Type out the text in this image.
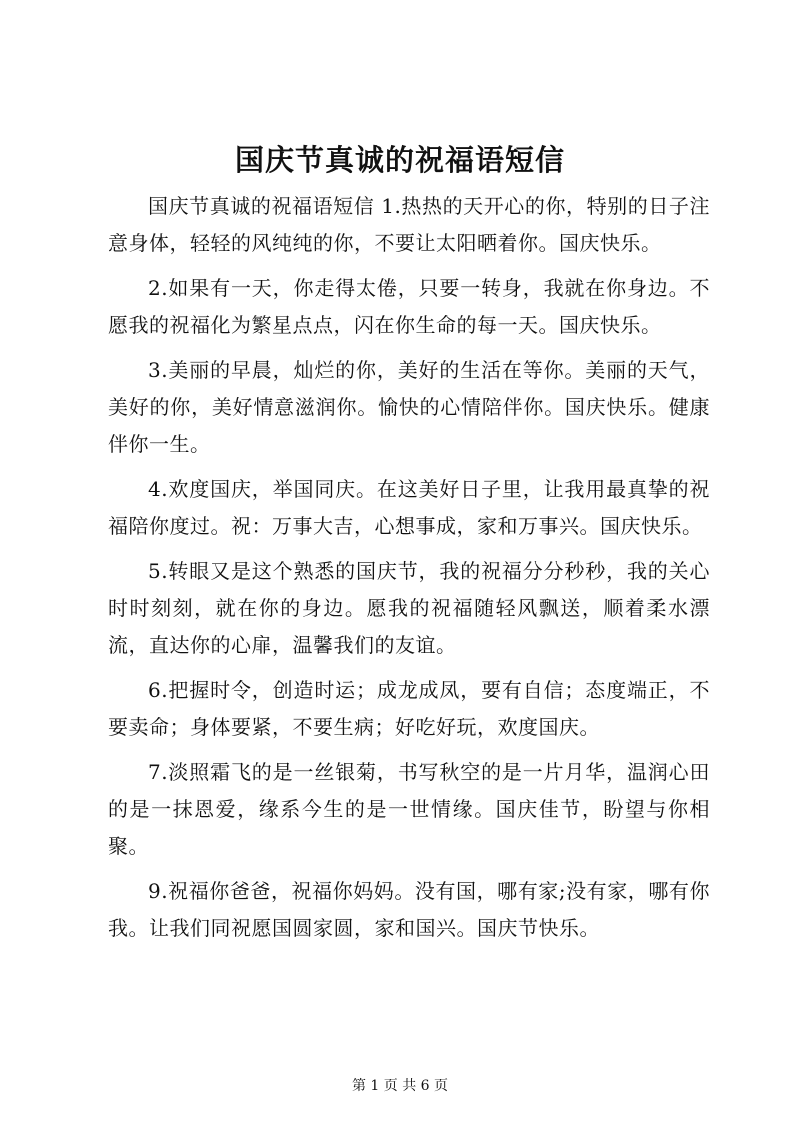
国庆节真诚的祝福语短信

国庆节真诚的祝福语短信 1.热热的天开心的你，特别的日子注意身体，轻轻的风纯纯的你，不要让太阳晒着你。国庆快乐。

2.如果有一天，你走得太倦，只要一转身，我就在你身边。不愿我的祝福化为繁星点点，闪在你生命的每一天。国庆快乐。

3.美丽的早晨，灿烂的你，美好的生活在等你。美丽的天气，美好的你，美好情意滋润你。愉快的心情陪伴你。国庆快乐。健康伴你一生。

4.欢度国庆，举国同庆。在这美好日子里，让我用最真挚的祝福陪你度过。祝：万事大吉，心想事成，家和万事兴。国庆快乐。

5.转眼又是这个熟悉的国庆节，我的祝福分分秒秒，我的关心时时刻刻，就在你的身边。愿我的祝福随轻风飘送，顺着柔水漂流，直达你的心扉，温馨我们的友谊。

6.把握时令，创造时运；成龙成凤，要有自信；态度端正，不要卖命；身体要紧，不要生病；好吃好玩，欢度国庆。

7.淡照霜飞的是一丝银菊，书写秋空的是一片月华，温润心田的是一抹恩爱，缘系今生的是一世情缘。国庆佳节，盼望与你相聚。

9.祝福你爸爸，祝福你妈妈。没有国，哪有家;没有家，哪有你我。让我们同祝愿国圆家圆，家和国兴。国庆节快乐。

第 1 页 共 6 页
